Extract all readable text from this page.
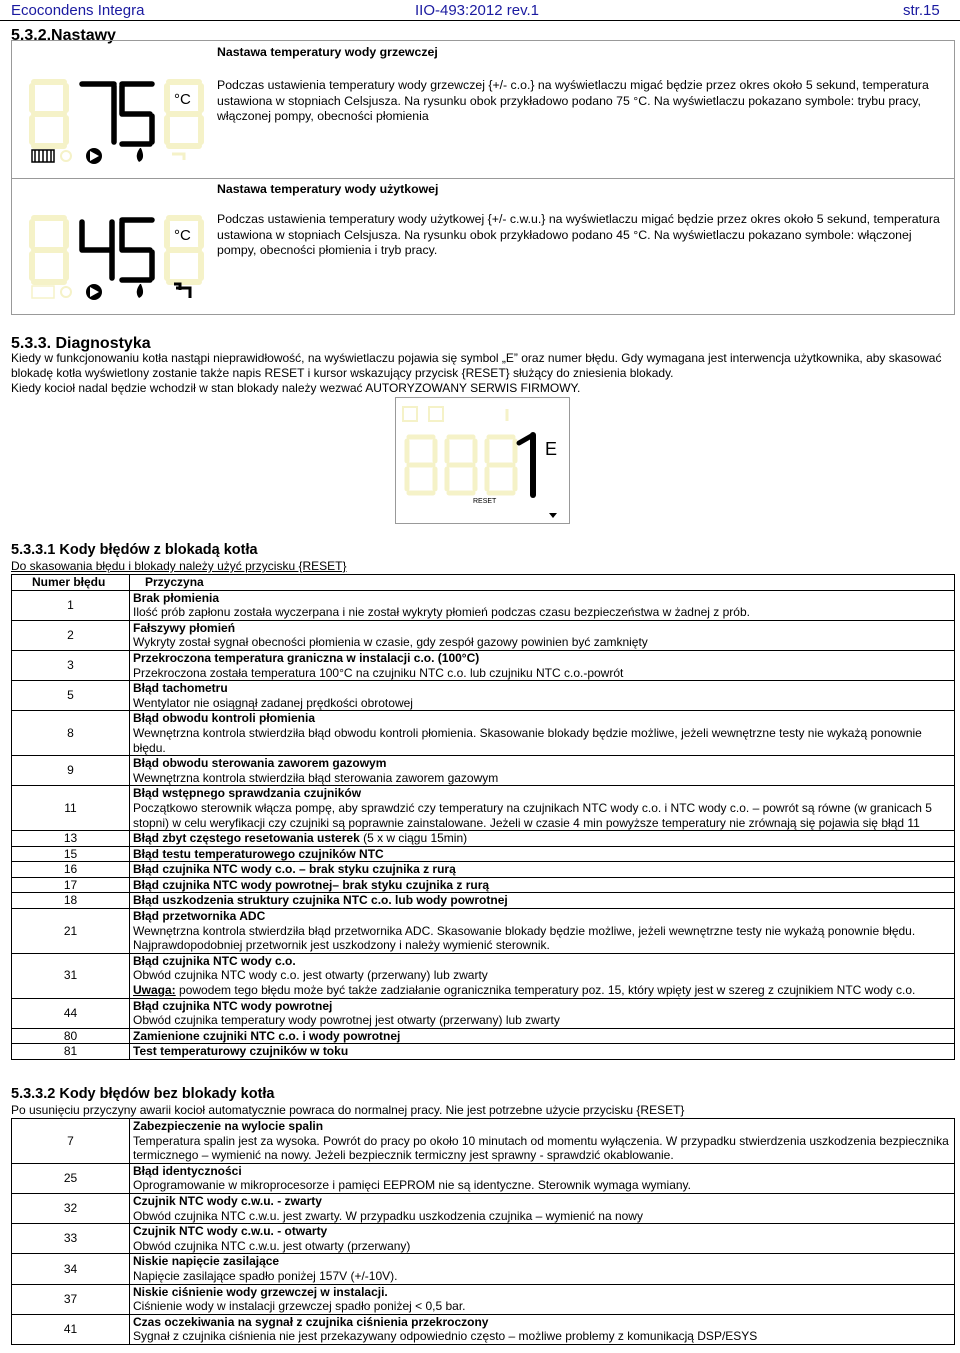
Ecocondens Integra	IIO-493:2012 rev.1	str.15
5.3.2.Nastawy
Nastawa temperatury wody grzewczej
Podczas ustawienia temperatury wody grzewczej {+/- c.o.} na wyświetlaczu migać będzie przez okres około 5 sekund, temperatura ustawiona w stopniach Celsjusza. Na rysunku obok przykładowo podano 75 °C. Na wyświetlaczu pokazano symbole: trybu pracy, włączonej pompy, obecności płomienia
Nastawa temperatury wody użytkowej
Podczas ustawienia temperatury wody użytkowej {+/- c.w.u.} na wyświetlaczu migać będzie przez okres około 5 sekund, temperatura ustawiona w stopniach Celsjusza. Na rysunku obok przykładowo podano 45 °C. Na wyświetlaczu pokazano symbole: włączonej pompy, obecności płomienia i tryb pracy.
°C
°C
5.3.3. Diagnostyka
Kiedy w funkcjonowaniu kotła nastąpi nieprawidłowość, na wyświetlaczu pojawia się symbol „E” oraz numer błędu. Gdy wymagana jest interwencja użytkownika, aby skasować blokadę kotła wyświetlony zostanie także napis RESET i kursor wskazujący przycisk {RESET} służący do zniesienia blokady.
Kiedy kocioł nadal będzie wchodził w stan blokady należy wezwać AUTORYZOWANY SERWIS FIRMOWY.
E
RESET
5.3.3.1 Kody błędów z blokadą kotła
Do skasowania błędu i blokady należy użyć przycisku {RESET}
Numer błędu	Przyczyna
1	Brak płomienia
Ilość prób zapłonu została wyczerpana i nie został wykryty płomień podczas czasu bezpieczeństwa w żadnej z prób.

2	Fałszywy płomień
Wykryty został sygnał obecności płomienia w czasie, gdy zespół gazowy powinien być zamknięty

3	Przekroczona temperatura graniczna w instalacji c.o. (100°C)
Przekroczona została temperatura 100°C na czujniku NTC c.o. lub czujniku NTC c.o.-powrót

5	Błąd tachometru
Wentylator nie osiągnął zadanej prędkości obrotowej

8	Błąd obwodu kontroli płomienia
Wewnętrzna kontrola stwierdziła błąd obwodu kontroli płomienia. Skasowanie blokady będzie możliwe, jeżeli wewnętrzne testy nie wykażą ponownie błędu.

9	Błąd obwodu sterowania zaworem gazowym
Wewnętrzna kontrola stwierdziła błąd sterowania zaworem gazowym

11	Błąd wstępnego sprawdzania czujników
Początkowo sterownik włącza pompę, aby sprawdzić czy temperatury na czujnikach NTC wody c.o. i NTC wody c.o. – powrót są równe (w granicach 5 stopni) w celu weryfikacji czy czujniki są poprawnie zainstalowane. Jeżeli w czasie 4 min powyższe temperatury nie zrównają się pojawia się błąd 11

13	Błąd zbyt częstego resetowania usterek (5 x w ciągu 15min)
15	Błąd testu temperaturowego czujników NTC

16	Błąd czujnika NTC wody c.o. – brak styku czujnika z rurą

17	Błąd czujnika NTC wody powrotnej– brak styku czujnika z rurą

18	Błąd uszkodzenia struktury czujnika NTC c.o. lub wody powrotnej

21	Błąd przetwornika ADC
Wewnętrzna kontrola stwierdziła błąd przetwornika ADC. Skasowanie blokady będzie możliwe, jeżeli wewnętrzne testy nie wykażą ponownie błędu.
Najprawdopodobniej przetwornik jest uszkodzony i należy wymienić sterownik.

31	Błąd czujnika NTC wody c.o.
Obwód czujnika NTC wody c.o. jest otwarty (przerwany) lub zwarty
Uwaga: powodem tego błędu może być także zadziałanie ogranicznika temperatury poz. 15, który wpięty jest w szereg z czujnikiem NTC wody c.o.

44	Błąd czujnika NTC wody powrotnej
Obwód czujnika temperatury wody powrotnej jest otwarty (przerwany) lub zwarty

80	Zamienione czujniki NTC c.o. i wody powrotnej

81	Test temperaturowy czujników w toku
5.3.3.2 Kody błędów bez blokady kotła
Po usunięciu przyczyny awarii kocioł automatycznie powraca do normalnej pracy. Nie jest potrzebne użycie przycisku {RESET}
7	Zabezpieczenie na wylocie spalin
Temperatura spalin jest za wysoka. Powrót do pracy po około 10 minutach od momentu wyłączenia. W przypadku stwierdzenia uszkodzenia bezpiecznika termicznego – wymienić na nowy. Jeżeli bezpiecznik termiczny jest sprawny - sprawdzić okablowanie.

25	Błąd identyczności
Oprogramowanie w mikroprocesorze i pamięci EEPROM nie są identyczne. Sterownik wymaga wymiany.

32	Czujnik NTC wody c.w.u. - zwarty
Obwód czujnika NTC c.w.u. jest zwarty. W przypadku uszkodzenia czujnika – wymienić na nowy

33	Czujnik NTC wody c.w.u. - otwarty
Obwód czujnika NTC c.w.u. jest otwarty (przerwany)

34	Niskie napięcie zasilające
Napięcie zasilające spadło poniżej 157V (+/-10V).

37	Niskie ciśnienie wody grzewczej w instalacji.
Ciśnienie wody w instalacji grzewczej spadło poniżej < 0,5 bar.

41	Czas oczekiwania na sygnał z czujnika ciśnienia przekroczony
Sygnał z czujnika ciśnienia nie jest przekazywany odpowiednio często – możliwe problemy z komunikacją DSP/ESYS
